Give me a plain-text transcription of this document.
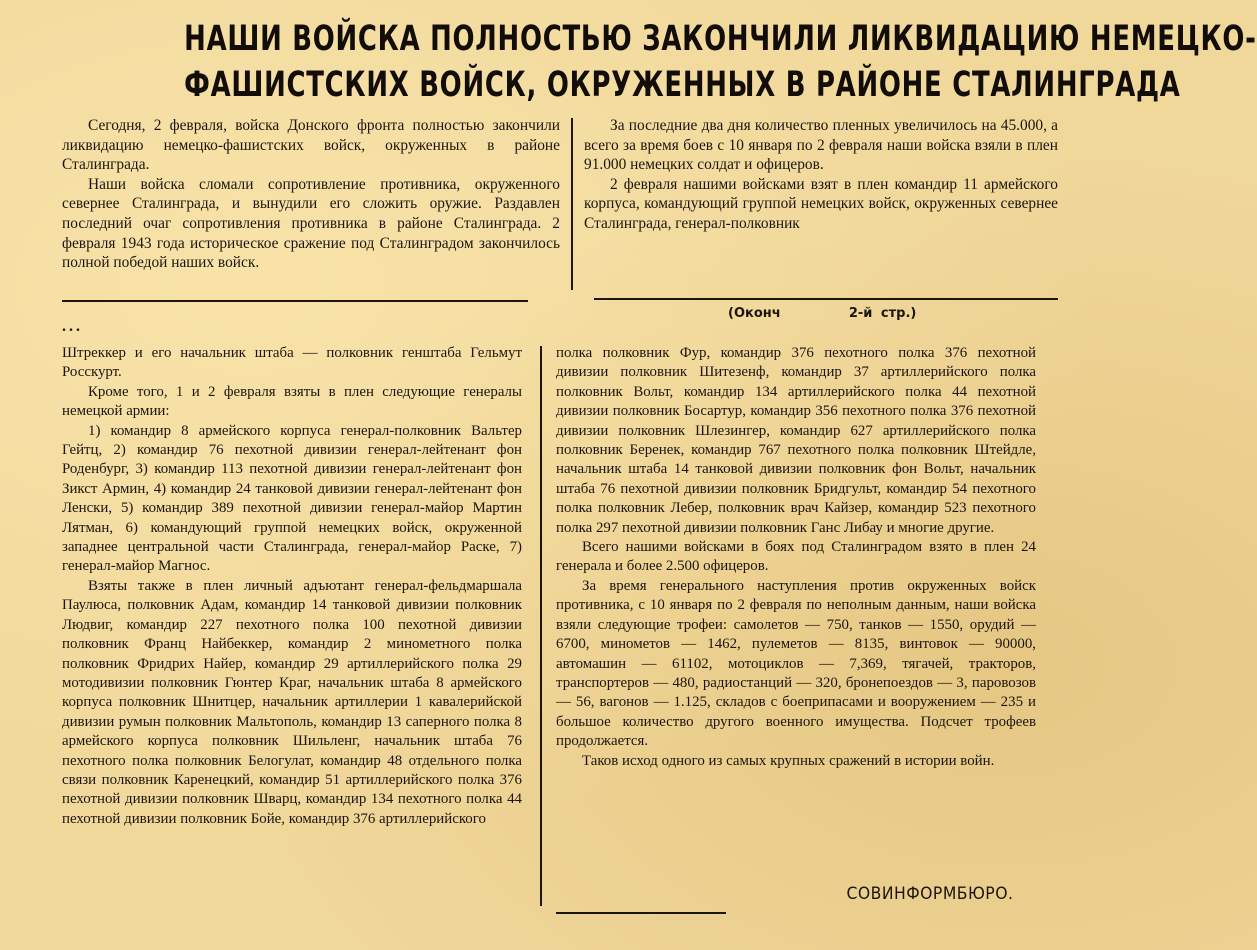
НАШИ ВОЙСКА ПОЛНОСТЬЮ ЗАКОНЧИЛИ ЛИКВИДАЦИЮ НЕМЕЦКО-
ФАШИСТСКИХ ВОЙСК, ОКРУЖЕННЫХ В РАЙОНЕ СТАЛИНГРАДА

Сегодня, 2 февраля, войска Донского фронта полностью закончили ликвидацию немецко-фашистских войск, окруженных в районе Сталинграда.

Наши войска сломали сопротивление противника, окруженного севернее Сталинграда, и вынудили его сложить оружие. Раздавлен последний очаг сопротивления противника в районе Сталинграда. 2 февраля 1943 года историческое сражение под Сталинградом закончилось полной победой наших войск.

За последние два дня количество пленных увеличилось на 45.000, а всего за время боев с 10 января по 2 февраля наши войска взяли в плен 91.000 немецких солдат и офицеров.

2 февраля нашими войсками взят в плен командир 11 армейского корпуса, командующий группой немецких войск, окруженных севернее Сталинграда, генерал-полковник

...
(Оконч        2-й стр.)

Штреккер и его начальник штаба — полковник генштаба Гельмут Росскурт.

Кроме того, 1 и 2 февраля взяты в плен следующие генералы немецкой армии:

1) командир 8 армейского корпуса генерал-полковник Вальтер Гейтц, 2) командир 76 пехотной дивизии генерал-лейтенант фон Роденбург, 3) командир 113 пехотной дивизии генерал-лейтенант фон Зикст Армин, 4) командир 24 танковой дивизии генерал-лейтенант фон Ленски, 5) командир 389 пехотной дивизии генерал-майор Мартин Лятман, 6) командующий группой немецких войск, окруженной западнее центральной части Сталинграда, генерал-майор Раске, 7) генерал-майор Магнос.

Взяты также в плен личный адъютант генерал-фельдмаршала Паулюса, полковник Адам, командир 14 танковой дивизии полковник Людвиг, командир 227 пехотного полка 100 пехотной дивизии полковник Франц Найбеккер, командир 2 минометного полка полковник Фридрих Найер, командир 29 артиллерийского полка 29 мотодивизии полковник Гюнтер Краг, начальник штаба 8 армейского корпуса полковник Шнитцер, начальник артиллерии 1 кавалерийской дивизии румын полковник Мальтополь, командир 13 саперного полка 8 армейского корпуса полковник Шильленг, начальник штаба 76 пехотного полка полковник Белогулат, командир 48 отдельного полка связи полковник Каренецкий, командир 51 артиллерийского полка 376 пехотной дивизии полковник Шварц, командир 134 пехотного полка 44 пехотной дивизии полковник Бойе, командир 376 артиллерийского

полка полковник Фур, командир 376 пехотного полка 376 пехотной дивизии полковник Шитезенф, командир 37 артиллерийского полка полковник Вольт, командир 134 артиллерийского полка 44 пехотной дивизии полковник Босартур, командир 356 пехотного полка 376 пехотной дивизии полковник Шлезингер, командир 627 артиллерийского полка полковник Беренек, командир 767 пехотного полка полковник Штейдле, начальник штаба 14 танковой дивизии полковник фон Вольт, начальник штаба 76 пехотной дивизии полковник Бридгульт, командир 54 пехотного полка полковник Лебер, полковник врач Кайзер, командир 523 пехотного полка 297 пехотной дивизии полковник Ганс Либау и многие другие.

Всего нашими войсками в боях под Сталинградом взято в плен 24 генерала и более 2.500 офицеров.

За время генерального наступления против окруженных войск противника, с 10 января по 2 февраля по неполным данным, наши войска взяли следующие трофеи: самолетов — 750, танков — 1550, орудий — 6700, минометов — 1462, пулеметов — 8135, винтовок — 90000, автомашин — 61102, мотоциклов — 7,369, тягачей, тракторов, транспортеров — 480, радиостанций — 320, бронепоездов — 3, паровозов — 56, вагонов — 1.125, складов с боеприпасами и вооружением — 235 и большое количество другого военного имущества. Подсчет трофеев продолжается.

Таков исход одного из самых крупных сражений в истории войн.

СОВИНФОРМБЮРО.
